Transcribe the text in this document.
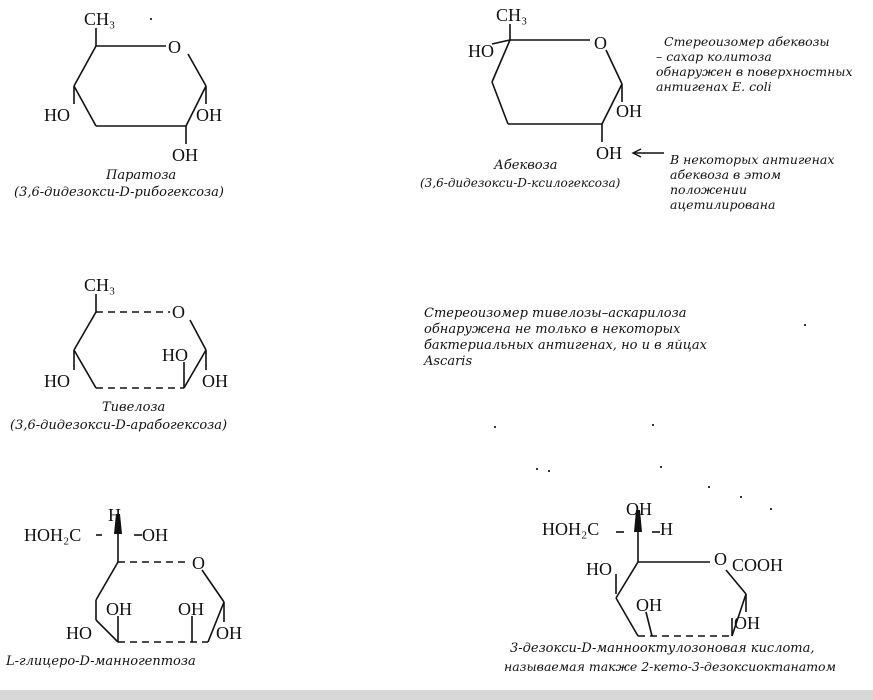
CH₃
O
HO	OH
OH
Паратоза
(3,6-дидезокси-D-рибогексоза)
CH₃
O
HO
OH
OH
Абеквоза
(3,6-дидезокси-D-ксилогексоза)
Стереоизомер абеквозы
– сахар колитоза
обнаружен в поверхностных
антигенах E. coli
В некоторых антигенах
абеквоза в этом
положении
ацетилирована
CH₃
O
HO
HO
OH
Тивелоза
(3,6-дидезокси-D-арабогексоза)
Стереоизомер тивелозы–аскарилоза
обнаружена не только в некоторых
бактериальных антигенах, но и в яйцах
Ascaris
H
HOH₂C	OH
O
OH	OH
HO	OH
L-глицеро-D-манногептоза
OH
HOH₂C	H
O COOH
HO
OH
OH
3-дезокси-D-маннооктулозоновая кислота,
называемая также 2-кето-3-дезоксиоктанатом
